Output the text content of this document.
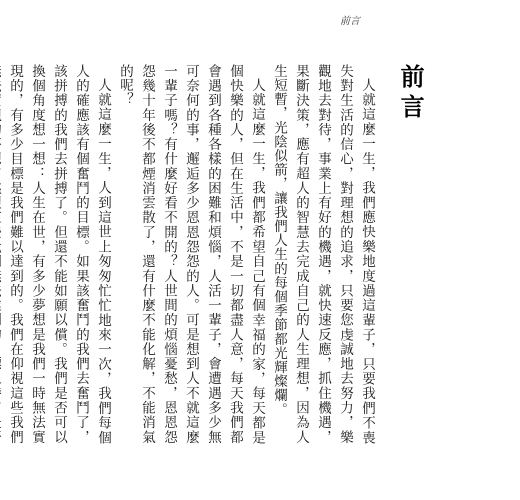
前言
前言

人就這麼一生，我們應快樂地度過這輩子，只要我們不喪失對生活的信心，對理想的追求，只要您虔誠地去努力，樂觀地去對待，事業上有好的機遇，就快速反應，抓住機遇，果斷決策，應有超人的智慧去完成自己的人生理想，因為人生短暫，光陰似箭，讓我們人生的每個季節都光輝燦爛。

人就這麼一生，我們都希望自己有個幸福的家，每天都是個快樂的人，但在生活中，不是一切都盡人意，每天我們都會遇到各種各樣的困難和煩惱，人活一輩子，會遭遇多少無可奈何的事，邂逅多少恩恩怨怨的人。可是想到人不就這麼一輩子嗎？有什麼好看不開的？人世間的煩惱憂愁，恩恩怨怨幾十年後不都煙消雲散了，還有什麼不能化解，不能消氣的呢？

人就這麼一生，人到這世上匆匆忙忙地來一次，我們每個人的確應該有個奮鬥的目標。如果該奮鬥的我們去奮鬥了，該拼搏的我們去拼搏了。但還不能如願以償。我們是否可以換個角度想一想：人生在世，有多少夢想是我們一時無法實現的，有多少目標是我們難以達到的。我們在仰視這些我們
